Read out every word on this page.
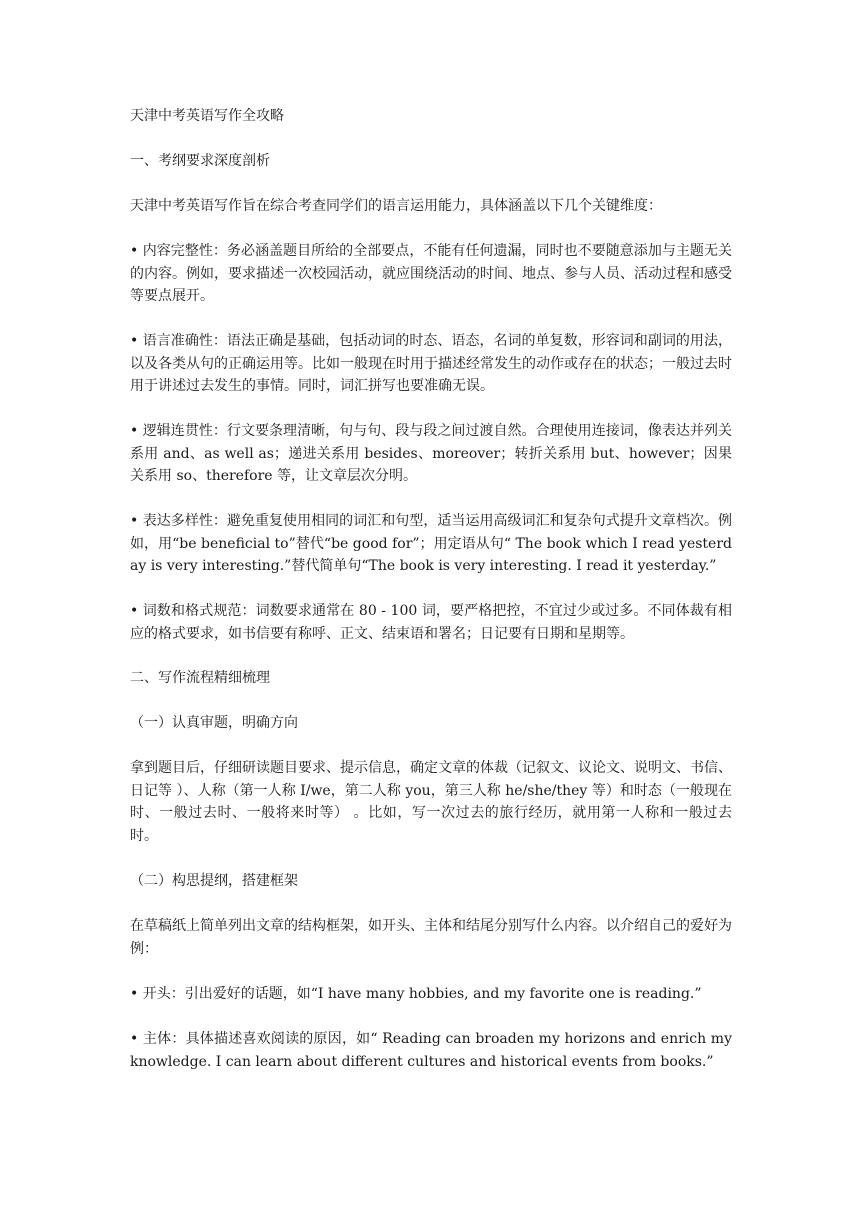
天津中考英语写作全攻略

一、考纲要求深度剖析

天津中考英语写作旨在综合考查同学们的语言运用能力，具体涵盖以下几个关键维度：

• 内容完整性：务必涵盖题目所给的全部要点，不能有任何遗漏，同时也不要随意添加与主题无关的内容。例如，要求描述一次校园活动，就应围绕活动的时间、地点、参与人员、活动过程和感受等要点展开。

• 语言准确性：语法正确是基础，包括动词的时态、语态，名词的单复数，形容词和副词的用法，以及各类从句的正确运用等。比如一般现在时用于描述经常发生的动作或存在的状态；一般过去时用于讲述过去发生的事情。同时，词汇拼写也要准确无误。

• 逻辑连贯性：行文要条理清晰，句与句、段与段之间过渡自然。合理使用连接词，像表达并列关系用 and、as well as；递进关系用 besides、moreover；转折关系用 but、however；因果关系用 so、therefore 等，让文章层次分明。

• 表达多样性：避免重复使用相同的词汇和句型，适当运用高级词汇和复杂句式提升文章档次。例如，用“be beneficial to”替代“be good for”；用定语从句“ The book which I read yesterday is very interesting.”替代简单句“The book is very interesting. I read it yesterday.”

• 词数和格式规范：词数要求通常在 80 - 100 词，要严格把控，不宜过少或过多。不同体裁有相应的格式要求，如书信要有称呼、正文、结束语和署名；日记要有日期和星期等。

二、写作流程精细梳理

（一）认真审题，明确方向

拿到题目后，仔细研读题目要求、提示信息，确定文章的体裁（记叙文、议论文、说明文、书信、日记等 ）、人称（第一人称 I/we，第二人称 you，第三人称 he/she/they 等）和时态（一般现在时、一般过去时、一般将来时等） 。比如，写一次过去的旅行经历，就用第一人称和一般过去时。

（二）构思提纲，搭建框架

在草稿纸上简单列出文章的结构框架，如开头、主体和结尾分别写什么内容。以介绍自己的爱好为例：

• 开头：引出爱好的话题，如“I have many hobbies, and my favorite one is reading.”

• 主体：具体描述喜欢阅读的原因，如“ Reading can broaden my horizons and enrich my knowledge. I can learn about different cultures and historical events from books.”
